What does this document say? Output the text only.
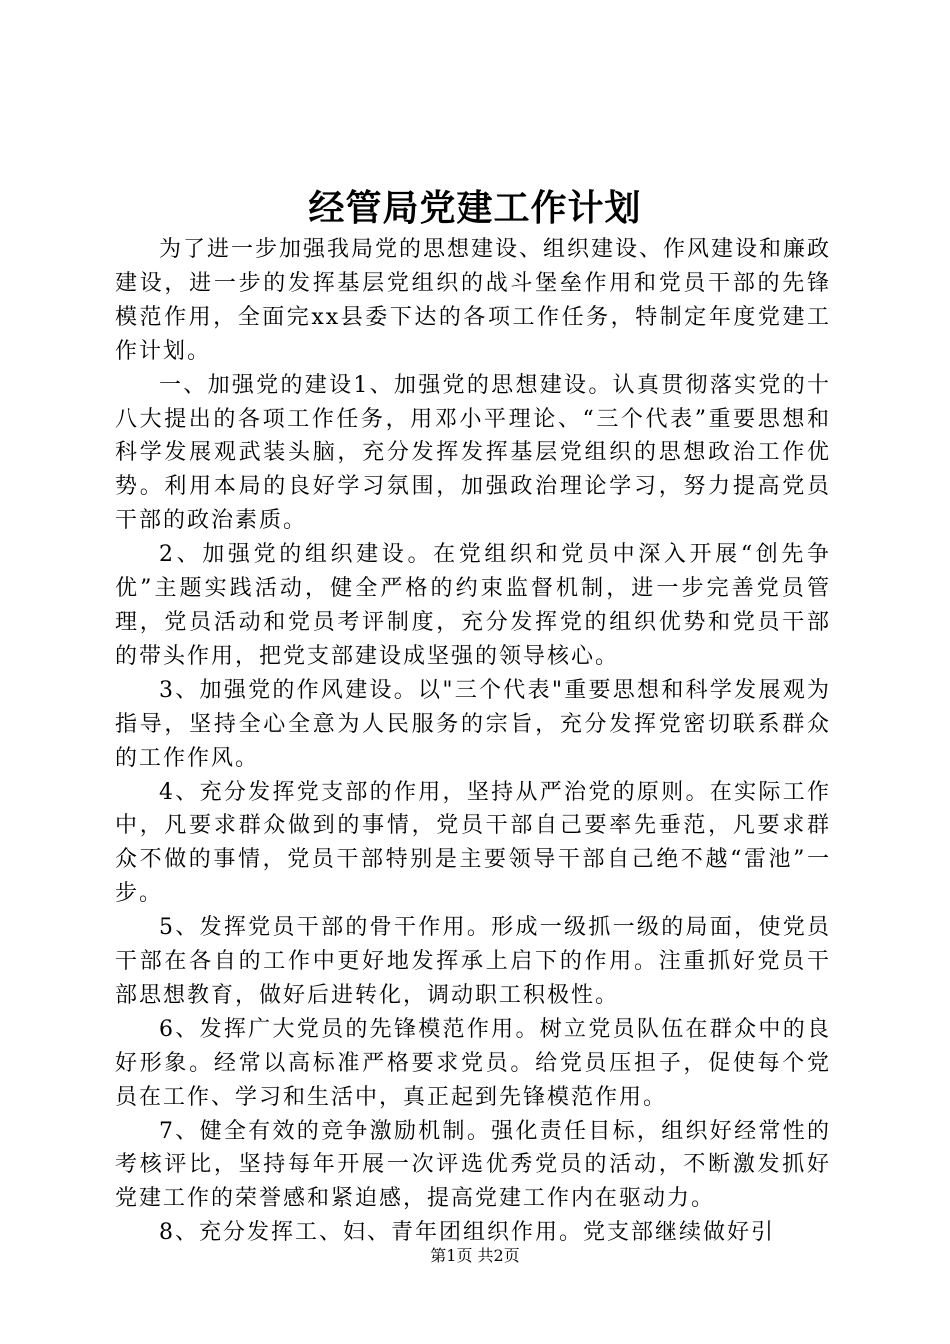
经管局党建工作计划

为了进一步加强我局党的思想建设、组织建设、作风建设和廉政建设，进一步的发挥基层党组织的战斗堡垒作用和党员干部的先锋模范作用，全面完xx县委下达的各项工作任务，特制定年度党建工作计划。

一、加强党的建设1、加强党的思想建设。认真贯彻落实党的十八大提出的各项工作任务，用邓小平理论、“三个代表”重要思想和科学发展观武装头脑，充分发挥发挥基层党组织的思想政治工作优势。利用本局的良好学习氛围，加强政治理论学习，努力提高党员干部的政治素质。

2、加强党的组织建设。在党组织和党员中深入开展“创先争优”主题实践活动，健全严格的约束监督机制，进一步完善党员管理，党员活动和党员考评制度，充分发挥党的组织优势和党员干部的带头作用，把党支部建设成坚强的领导核心。

3、加强党的作风建设。以"三个代表"重要思想和科学发展观为指导，坚持全心全意为人民服务的宗旨，充分发挥党密切联系群众的工作作风。

4、充分发挥党支部的作用，坚持从严治党的原则。在实际工作中，凡要求群众做到的事情，党员干部自己要率先垂范，凡要求群众不做的事情，党员干部特别是主要领导干部自己绝不越“雷池”一步。

5、发挥党员干部的骨干作用。形成一级抓一级的局面，使党员干部在各自的工作中更好地发挥承上启下的作用。注重抓好党员干部思想教育，做好后进转化，调动职工积极性。

6、发挥广大党员的先锋模范作用。树立党员队伍在群众中的良好形象。经常以高标准严格要求党员。给党员压担子，促使每个党员在工作、学习和生活中，真正起到先锋模范作用。

7、健全有效的竞争激励机制。强化责任目标，组织好经常性的考核评比，坚持每年开展一次评选优秀党员的活动，不断激发抓好党建工作的荣誉感和紧迫感，提高党建工作内在驱动力。

8、充分发挥工、妇、青年团组织作用。党支部继续做好引

第1页 共2页
